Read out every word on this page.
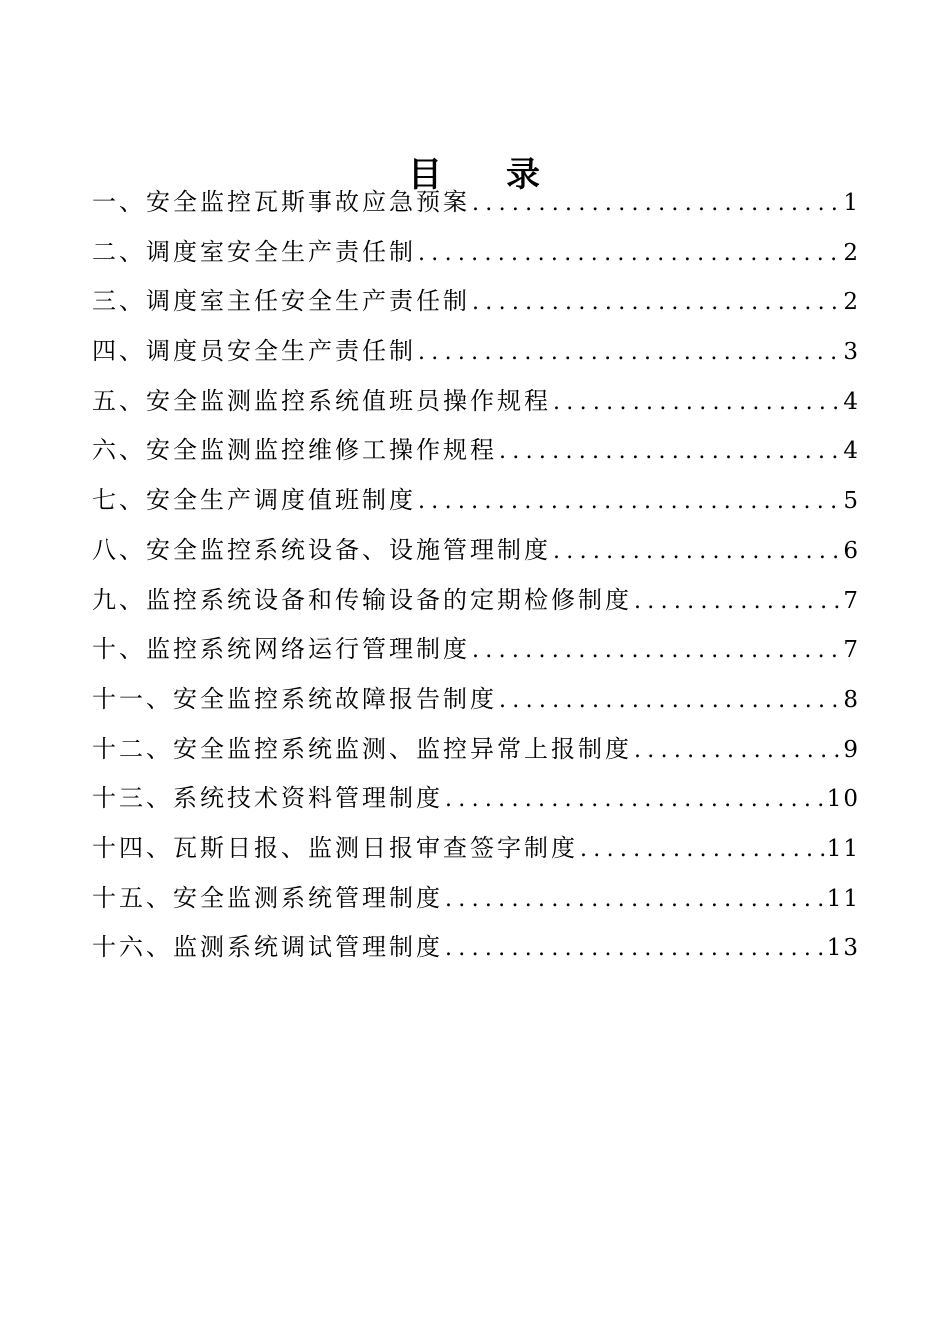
目 录
一、安全监控瓦斯事故应急预案 .....	1
二、调度室安全生产责任制 .....	2
三、调度室主任安全生产责任制 .....	2
四、调度员安全生产责任制 .....	3
五、安全监测监控系统值班员操作规程 .....	4
六、安全监测监控维修工操作规程 .....	4
七、安全生产调度值班制度 .....	5
八、安全监控系统设备、设施管理制度 .....	6
九、监控系统设备和传输设备的定期检修制度 .....	7
十、监控系统网络运行管理制度 .....	7
十一、安全监控系统故障报告制度 .....	8
十二、安全监控系统监测、监控异常上报制度 .....	9
十三、系统技术资料管理制度 .....	10
十四、瓦斯日报、监测日报审查签字制度 .....	11
十五、安全监测系统管理制度 .....	11
十六、监测系统调试管理制度 .....	13
